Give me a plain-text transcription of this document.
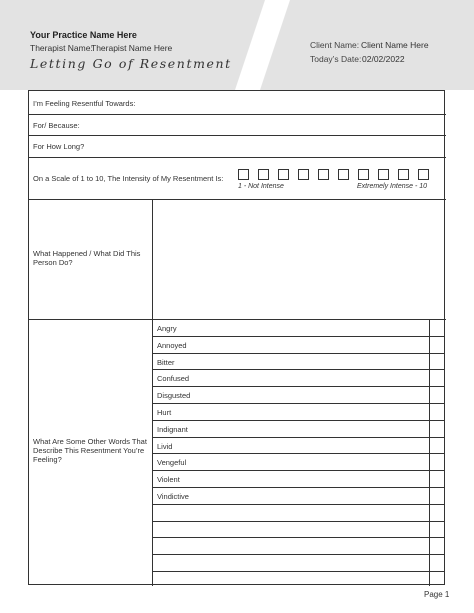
Your Practice Name Here
Therapist Name:
Therapist Name Here
Letting Go of Resentment
Client Name: Client Name Here
Today’s Date: 02/02/2022
I’m Feeling Resentful Towards:
For/ Because:
For How Long?
On a Scale of 1 to 10, The Intensity of My Resentment Is:
1 - Not Intense	Extremely Intense - 10
What Happened / What Did This Person Do?
What Are Some Other Words That Describe This Resentment You’re Feeling?
Angry
Annoyed
Bitter
Confused
Disgusted
Hurt
Indignant
Livid
Vengeful
Violent
Vindictive
Page 1
